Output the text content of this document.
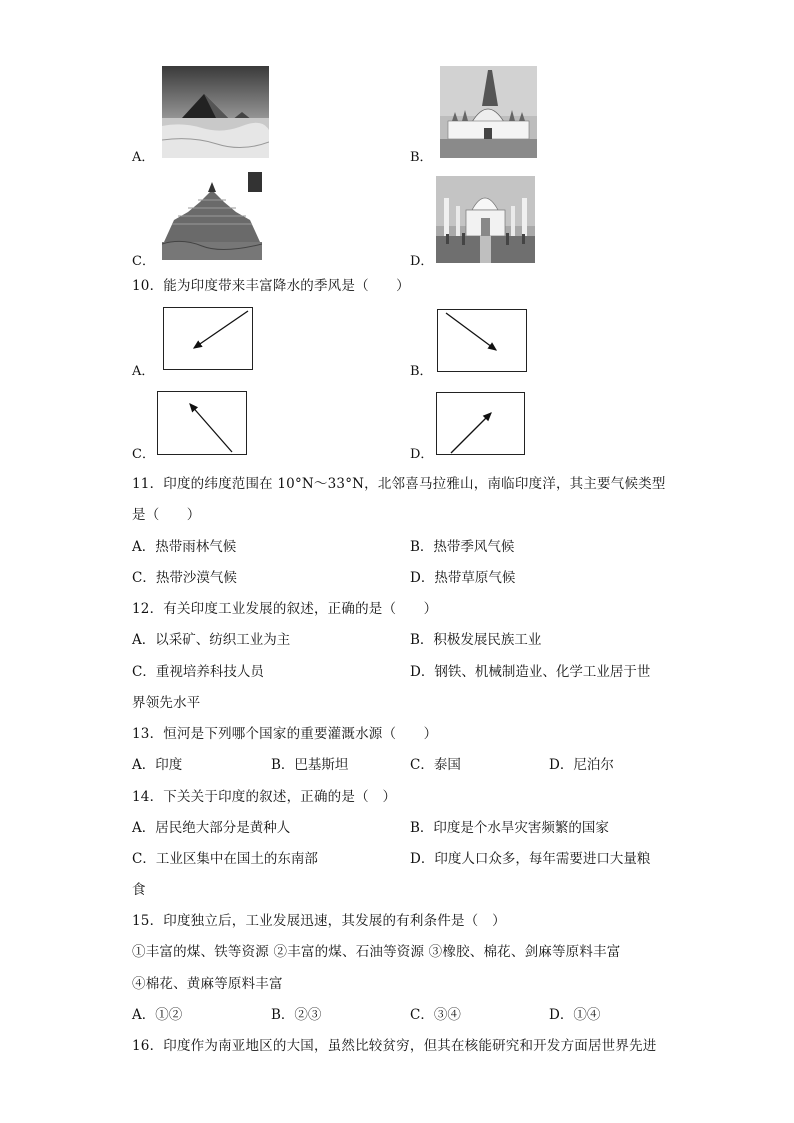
A．	B．
C．	D．
10．能为印度带来丰富降水的季风是（　　）
A．	B．
C．	D．
11．印度的纬度范围在 10°N～33°N，北邻喜马拉雅山，南临印度洋，其主要气候类型
是（　　）
A．热带雨林气候	B．热带季风气候
C．热带沙漠气候	D．热带草原气候
12．有关印度工业发展的叙述，正确的是（　　）
A．以采矿、纺织工业为主	B．积极发展民族工业
C．重视培养科技人员	D．钢铁、机械制造业、化学工业居于世
界领先水平
13．恒河是下列哪个国家的重要灌溉水源（　　）
A．印度	B．巴基斯坦	C．泰国	D．尼泊尔
14．下关关于印度的叙述，正确的是（　）
A．居民绝大部分是黄种人	B．印度是个水旱灾害频繁的国家
C．工业区集中在国土的东南部	D．印度人口众多，每年需要进口大量粮
食
15．印度独立后，工业发展迅速，其发展的有利条件是（　）
①丰富的煤、铁等资源 ②丰富的煤、石油等资源 ③橡胶、棉花、剑麻等原料丰富
④棉花、黄麻等原料丰富
A．①②	B．②③	C．③④	D．①④
16．印度作为南亚地区的大国，虽然比较贫穷，但其在核能研究和开发方面居世界先进
